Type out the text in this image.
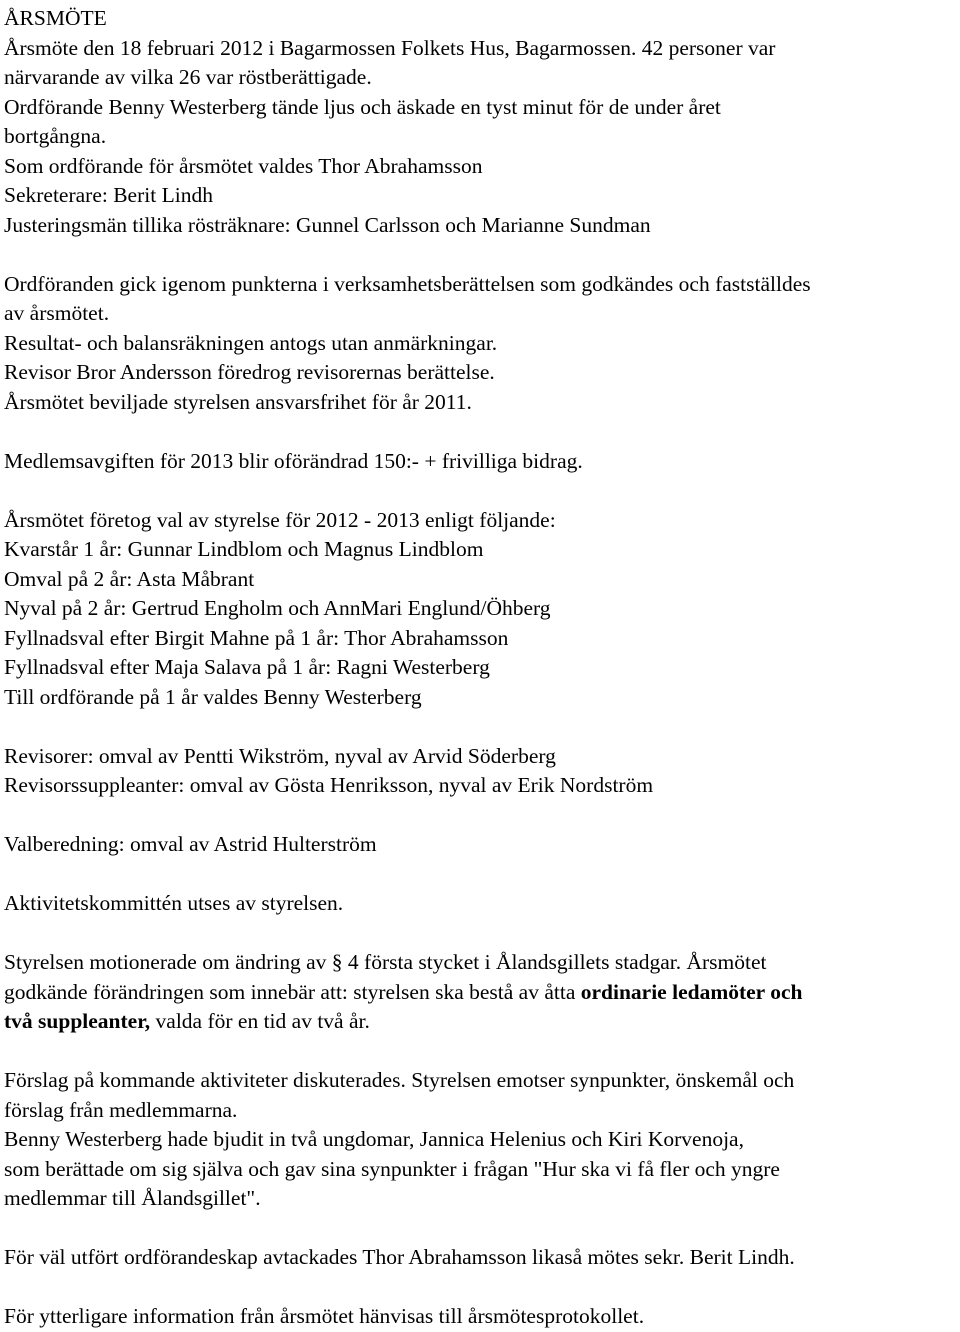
ÅRSMÖTE
Årsmöte den 18 februari 2012 i Bagarmossen Folkets Hus, Bagarmossen. 42 personer var
närvarande av vilka 26 var röstberättigade.
Ordförande Benny Westerberg tände ljus och äskade en tyst minut för de under året
bortgångna.
Som ordförande för årsmötet valdes Thor Abrahamsson
Sekreterare: Berit Lindh
Justeringsmän tillika rösträknare: Gunnel Carlsson och Marianne Sundman
Ordföranden gick igenom punkterna i verksamhetsberättelsen som godkändes och fastställdes
av årsmötet.
Resultat- och balansräkningen antogs utan anmärkningar.
Revisor Bror Andersson föredrog revisorernas berättelse.
Årsmötet beviljade styrelsen ansvarsfrihet för år 2011.
Medlemsavgiften för 2013 blir oförändrad 150:- + frivilliga bidrag.
Årsmötet företog val av styrelse för 2012 - 2013 enligt följande:
Kvarstår 1 år: Gunnar Lindblom och Magnus Lindblom
Omval på 2 år: Asta Måbrant
Nyval på 2 år: Gertrud Engholm och AnnMari Englund/Öhberg
Fyllnadsval efter Birgit Mahne på 1 år: Thor Abrahamsson
Fyllnadsval efter Maja Salava på 1 år: Ragni Westerberg
Till ordförande på 1 år valdes Benny Westerberg
Revisorer: omval av Pentti Wikström, nyval av Arvid Söderberg
Revisorssuppleanter: omval av Gösta Henriksson, nyval av Erik Nordström
Valberedning: omval av Astrid Hulterström
Aktivitetskommittén utses av styrelsen.
Styrelsen motionerade om ändring av § 4 första stycket i Ålandsgillets stadgar. Årsmötet
godkände förändringen som innebär att: styrelsen ska bestå av åtta ordinarie ledamöter och
två suppleanter, valda för en tid av två år.
Förslag på kommande aktiviteter diskuterades. Styrelsen emotser synpunkter, önskemål och
förslag från medlemmarna.
Benny Westerberg hade bjudit in två ungdomar, Jannica Helenius och Kiri Korvenoja,
som berättade om sig själva och gav sina synpunkter i frågan "Hur ska vi få fler och yngre
medlemmar till Ålandsgillet".
För väl utfört ordförandeskap avtackades Thor Abrahamsson likaså mötes sekr. Berit Lindh.
För ytterligare information från årsmötet hänvisas till årsmötesprotokollet.
